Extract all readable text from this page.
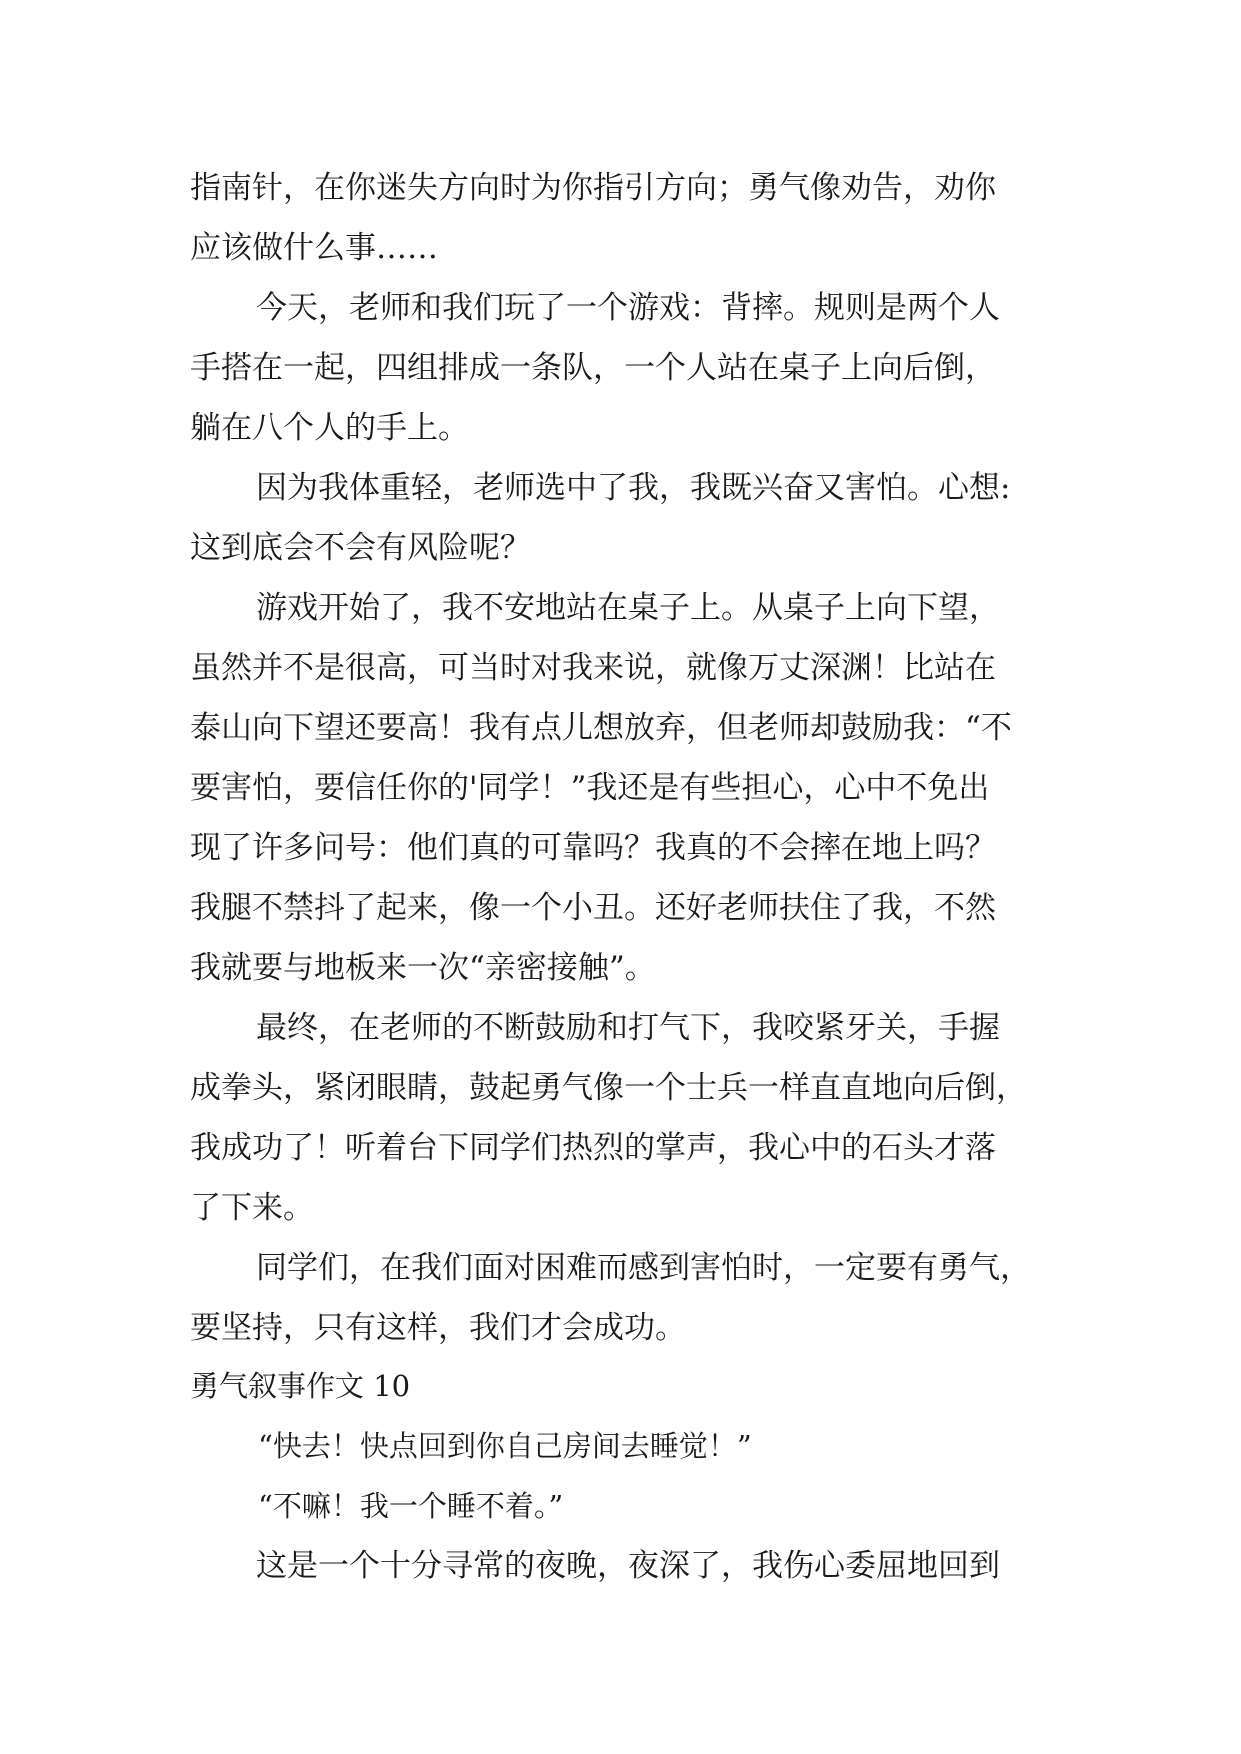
指南针，在你迷失方向时为你指引方向；勇气像劝告，劝你
应该做什么事……
今天，老师和我们玩了一个游戏：背摔。规则是两个人
手搭在一起，四组排成一条队，一个人站在桌子上向后倒，
躺在八个人的手上。
因为我体重轻，老师选中了我，我既兴奋又害怕。心想:
这到底会不会有风险呢？
游戏开始了，我不安地站在桌子上。从桌子上向下望，
虽然并不是很高，可当时对我来说，就像万丈深渊！比站在
泰山向下望还要高！我有点儿想放弃，但老师却鼓励我：“不
要害怕，要信任你的'同学！”我还是有些担心，心中不免出
现了许多问号：他们真的可靠吗？我真的不会摔在地上吗？
我腿不禁抖了起来，像一个小丑。还好老师扶住了我，不然
我就要与地板来一次“亲密接触”。
最终，在老师的不断鼓励和打气下，我咬紧牙关，手握
成拳头，紧闭眼睛，鼓起勇气像一个士兵一样直直地向后倒，
我成功了！听着台下同学们热烈的掌声，我心中的石头才落
了下来。
同学们，在我们面对困难而感到害怕时，一定要有勇气，
要坚持，只有这样，我们才会成功。
勇气叙事作文 10
“快去！快点回到你自己房间去睡觉！”
“不嘛！我一个睡不着。”
这是一个十分寻常的夜晚，夜深了，我伤心委屈地回到
